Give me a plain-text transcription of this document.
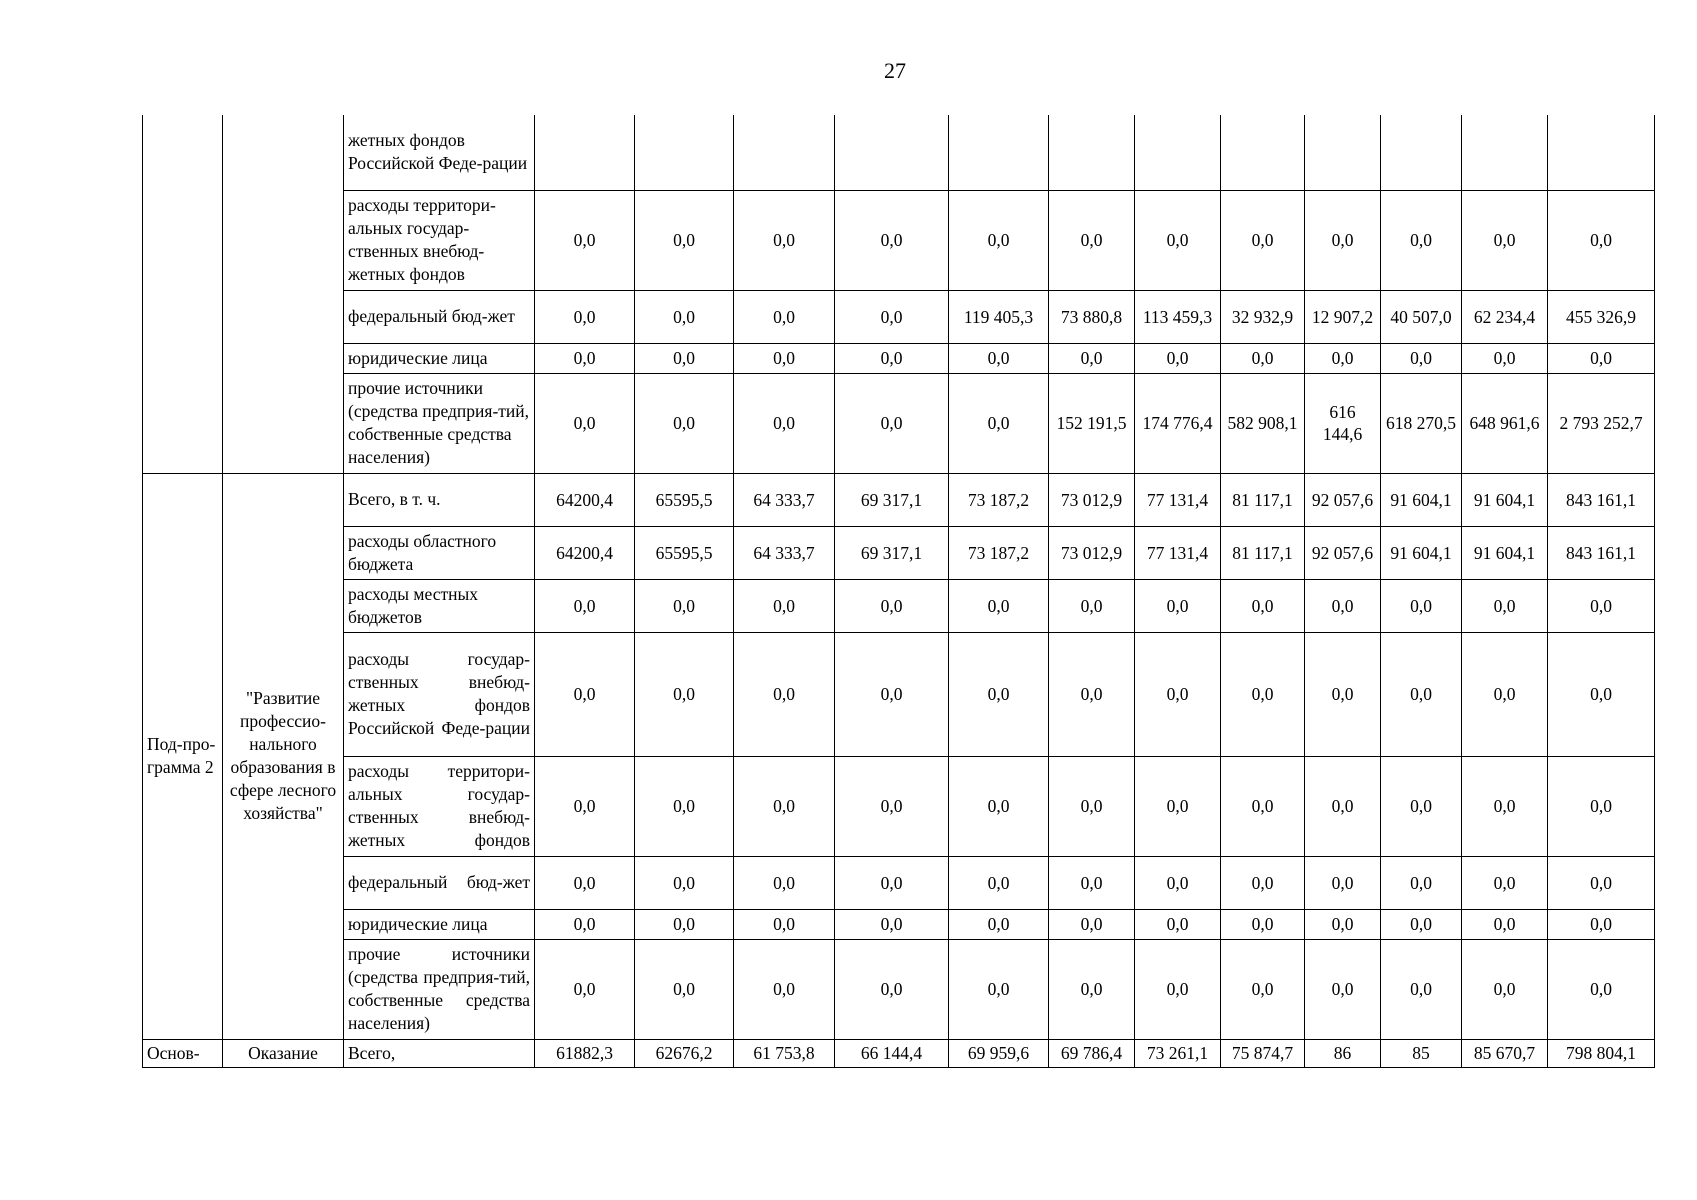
27
		жетных фондов Российской Феде-рации												
		расходы территори-альных государ-ственных внебюд-жетных фондов	0,0	0,0	0,0	0,0	0,0	0,0	0,0	0,0	0,0	0,0	0,0	0,0
		федеральный бюд-жет	0,0	0,0	0,0	0,0	119 405,3	73 880,8	113 459,3	32 932,9	12 907,2	40 507,0	62 234,4	455 326,9
		юридические лица	0,0	0,0	0,0	0,0	0,0	0,0	0,0	0,0	0,0	0,0	0,0	0,0
		прочие источники (средства предприя-тий, собственные средства населения)	0,0	0,0	0,0	0,0	0,0	152 191,5	174 776,4	582 908,1	616 144,6	618 270,5	648 961,6	2 793 252,7
Под-про-грамма 2	"Развитие профессио-нального образования в сфере лесного хозяйства"	Всего, в т. ч.	64200,4	65595,5	64 333,7	69 317,1	73 187,2	73 012,9	77 131,4	81 117,1	92 057,6	91 604,1	91 604,1	843 161,1
		расходы областного бюджета	64200,4	65595,5	64 333,7	69 317,1	73 187,2	73 012,9	77 131,4	81 117,1	92 057,6	91 604,1	91 604,1	843 161,1
		расходы местных бюджетов	0,0	0,0	0,0	0,0	0,0	0,0	0,0	0,0	0,0	0,0	0,0	0,0
		расходы государ-ственных внебюд-жетных фондов Российской Феде-рации	0,0	0,0	0,0	0,0	0,0	0,0	0,0	0,0	0,0	0,0	0,0	0,0
		расходы территори-альных государ-ственных внебюд-жетных фондов	0,0	0,0	0,0	0,0	0,0	0,0	0,0	0,0	0,0	0,0	0,0	0,0
		федеральный бюд-жет	0,0	0,0	0,0	0,0	0,0	0,0	0,0	0,0	0,0	0,0	0,0	0,0
		юридические лица	0,0	0,0	0,0	0,0	0,0	0,0	0,0	0,0	0,0	0,0	0,0	0,0
		прочие источники (средства предприя-тий, собственные средства населения)	0,0	0,0	0,0	0,0	0,0	0,0	0,0	0,0	0,0	0,0	0,0	0,0
Основ-	Оказание	Всего,	61882,3	62676,2	61 753,8	66 144,4	69 959,6	69 786,4	73 261,1	75 874,7	86	85	85 670,7	798 804,1
